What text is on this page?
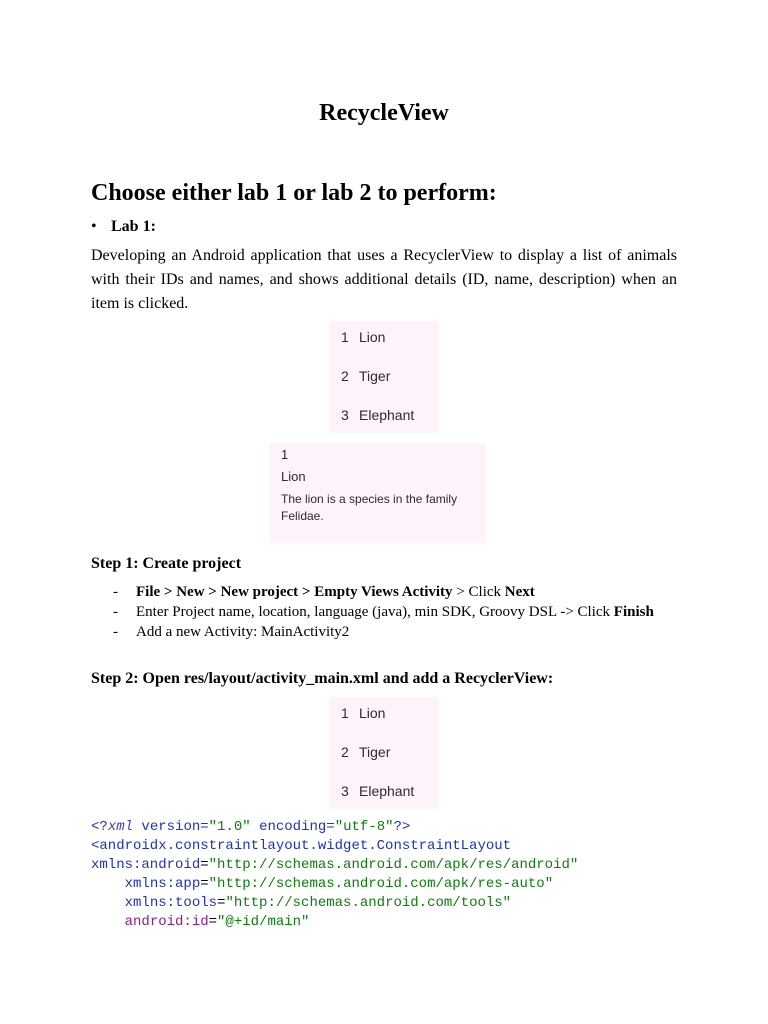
RecycleView
Choose either lab 1 or lab 2 to perform:
• Lab 1:

Developing an Android application that uses a RecyclerView to display a list of animals with their IDs and names, and shows additional details (ID, name, description) when an item is clicked.

1 Lion
2 Tiger
3 Elephant
1
Lion
The lion is a species in the family Felidae.
Step 1: Create project
- File > New > New project > Empty Views Activity > Click Next
- Enter Project name, location, language (java), min SDK, Groovy DSL -> Click Finish
- Add a new Activity: MainActivity2
Step 2: Open res/layout/activity_main.xml and add a RecyclerView:
1 Lion
2 Tiger
3 Elephant
<?xml version="1.0" encoding="utf-8"?>
<androidx.constraintlayout.widget.ConstraintLayout
xmlns:android="http://schemas.android.com/apk/res/android"
xmlns:app="http://schemas.android.com/apk/res-auto"
xmlns:tools="http://schemas.android.com/tools"
android:id="@+id/main"
